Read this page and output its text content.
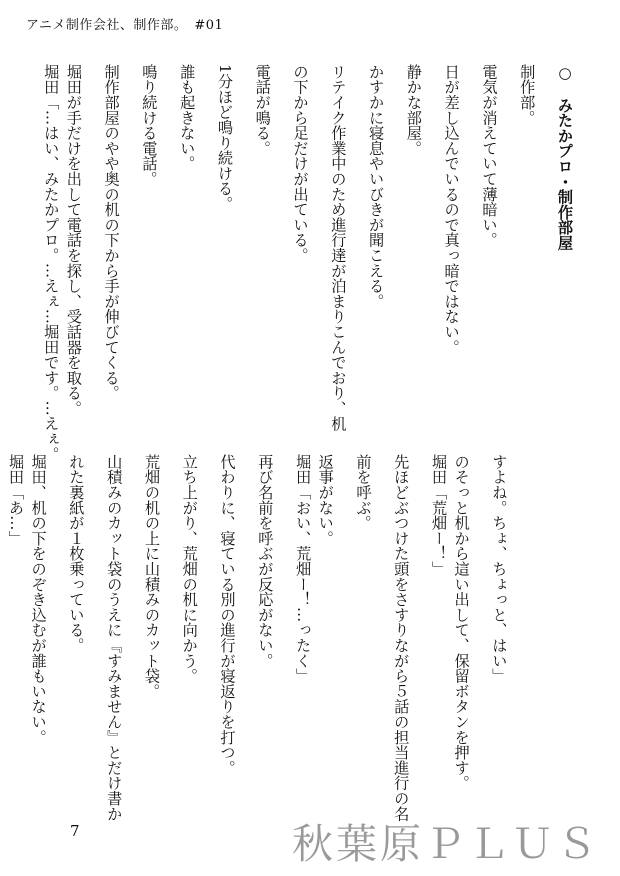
アニメ制作会社、制作部。　#01
○　みたかプロ・制作部屋
制作部。
電気が消えていて薄暗い。
日が差し込んでいるので真っ暗ではない。
静かな部屋。
かすかに寝息やいびきが聞こえる。
リテイク作業中のため進行達が泊まりこんでおり、机
の下から足だけが出ている。
電話が鳴る。
1分ほど鳴り続ける。
誰も起きない。
鳴り続ける電話。
制作部屋のやや奥の机の下から手が伸びてくる。
堀田が手だけを出して電話を探し、受話器を取る。
堀田「…はい、みたかプロ。…えぇ…堀田です。…えぇ。
すよね。ちょ、ちょっと、はい」
のそっと机から這い出して、保留ボタンを押す。
堀田「荒畑ー！」
先ほどぶつけた頭をさすりながら５話の担当進行の名
前を呼ぶ。
返事がない。
堀田「おい、荒畑ー！…ったく」
再び名前を呼ぶが反応がない。
代わりに、寝ている別の進行が寝返りを打つ。
立ち上がり、荒畑の机に向かう。
荒畑の机の上に山積みのカット袋。
山積みのカット袋のうえに『すみません』とだけ書か
れた裏紙が１枚乗っている。
堀田、机の下をのぞき込むが誰もいない。
堀田「あ…」

7	秋葉原ＰＬＵＳ
